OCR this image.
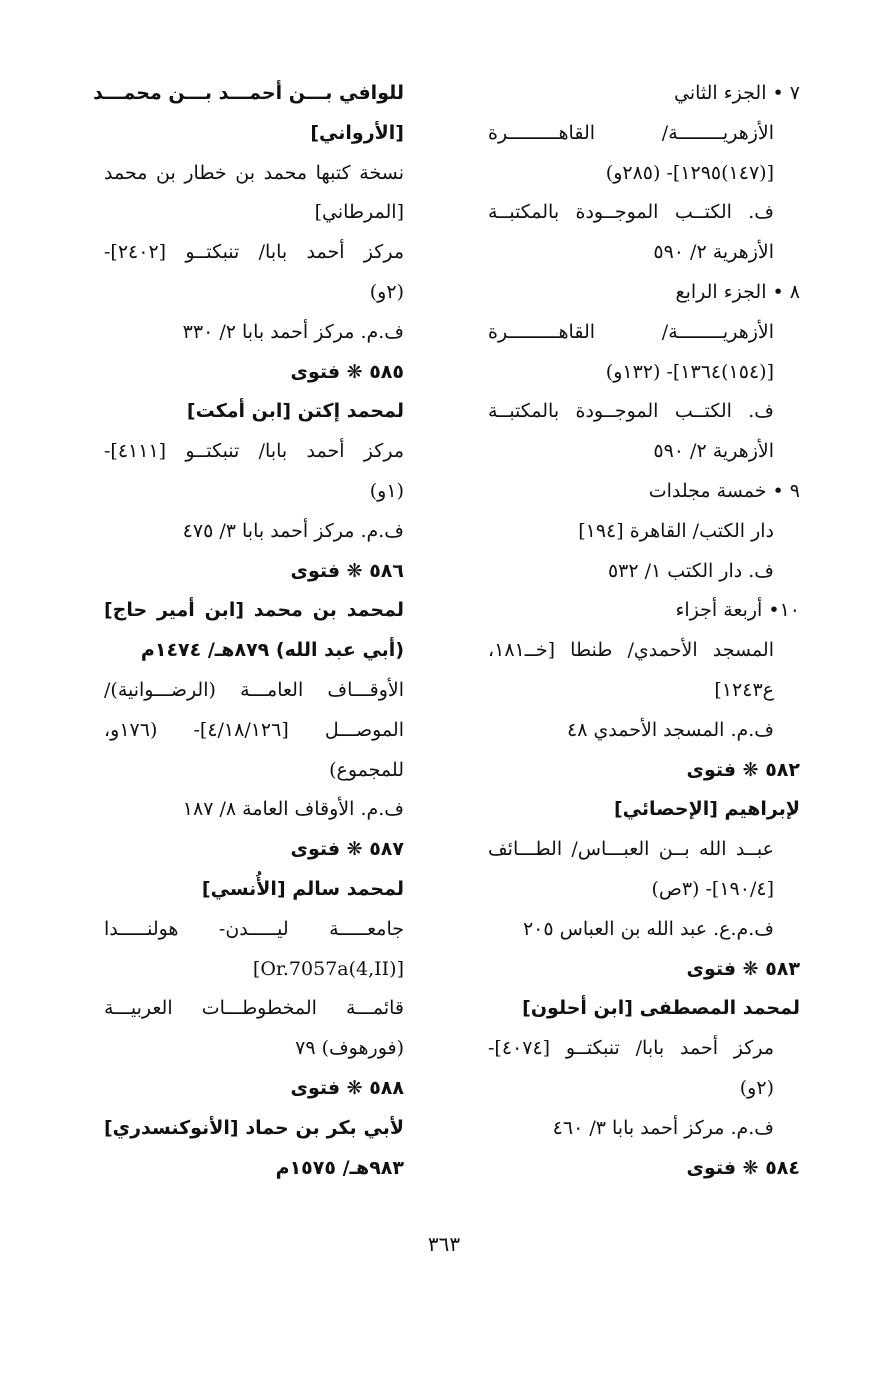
٧ • الجزء الثاني
الأزهريــــــــة/ القاهـــــــــرة
[(١٤٧)١٢٩٥]- (٢٨٥و)
ف. الكتــب الموجــودة بالمكتبــة
الأزهرية ٢/ ٥٩٠
٨ • الجزء الرابع
الأزهريــــــــة/ القاهـــــــــرة
[(١٥٤)١٣٦٤]- (١٣٢و)
ف. الكتــب الموجــودة بالمكتبــة
الأزهرية ٢/ ٥٩٠
٩ • خمسة مجلدات
دار الكتب/ القاهرة [١٩٤]
ف. دار الكتب ١/ ٥٣٢
١٠• أربعة أجزاء
المسجد الأحمدي/ طنطا [خــ١٨١،
ع١٢٤٣]
ف.م. المسجد الأحمدي ٤٨
٥٨٢ ❋ فتوى
لإبراهيم [الإحصائي]
عبــد الله بــن العبـــاس/ الطـــائف
[١٩٠/٤]- (٣ص)
ف.م.ع. عبد الله بن العباس ٢٠٥
٥٨٣ ❋ فتوى
لمحمد المصطفى [ابن أحلون]
مركز أحمد بابا/ تنبكتــو [٤٠٧٤]-
(٢و)
ف.م. مركز أحمد بابا ٣/ ٤٦٠
٥٨٤ ❋ فتوى
للوافي بـــن أحمـــد بـــن محمـــد
[الأرواني]
نسخة كتبها محمد بن خطار بن محمد
[المرطاني]
مركز أحمد بابا/ تنبكتــو [٢٤٠٢]-
(٢و)
ف.م. مركز أحمد بابا ٢/ ٣٣٠
٥٨٥ ❋ فتوى
لمحمد إكتن [ابن أمكت]
مركز أحمد بابا/ تنبكتــو [٤١١١]-
(١و)
ف.م. مركز أحمد بابا ٣/ ٤٧٥
٥٨٦ ❋ فتوى
لمحمد بن محمد [ابن أمير حاج]
(أبي عبد الله) ٨٧٩هـ/ ١٤٧٤م
الأوقـــاف العامـــة (الرضـــوانية)/
الموصـــل [٤/١٨/١٢٦]- (١٧٦و،
للمجموع)
ف.م. الأوقاف العامة ٨/ ١٨٧
٥٨٧ ❋ فتوى
لمحمد سالم [الأُنسي]
جامعـــــة ليـــــدن- هولنـــــدا
[Or.7057a(4,II)]
قائمـــة المخطوطـــات العربيـــة
(فورهوف) ٧٩
٥٨٨ ❋ فتوى
لأبي بكر بن حماد [الأنوكنسدري]
٩٨٣هـ/ ١٥٧٥م
٣٦٣
